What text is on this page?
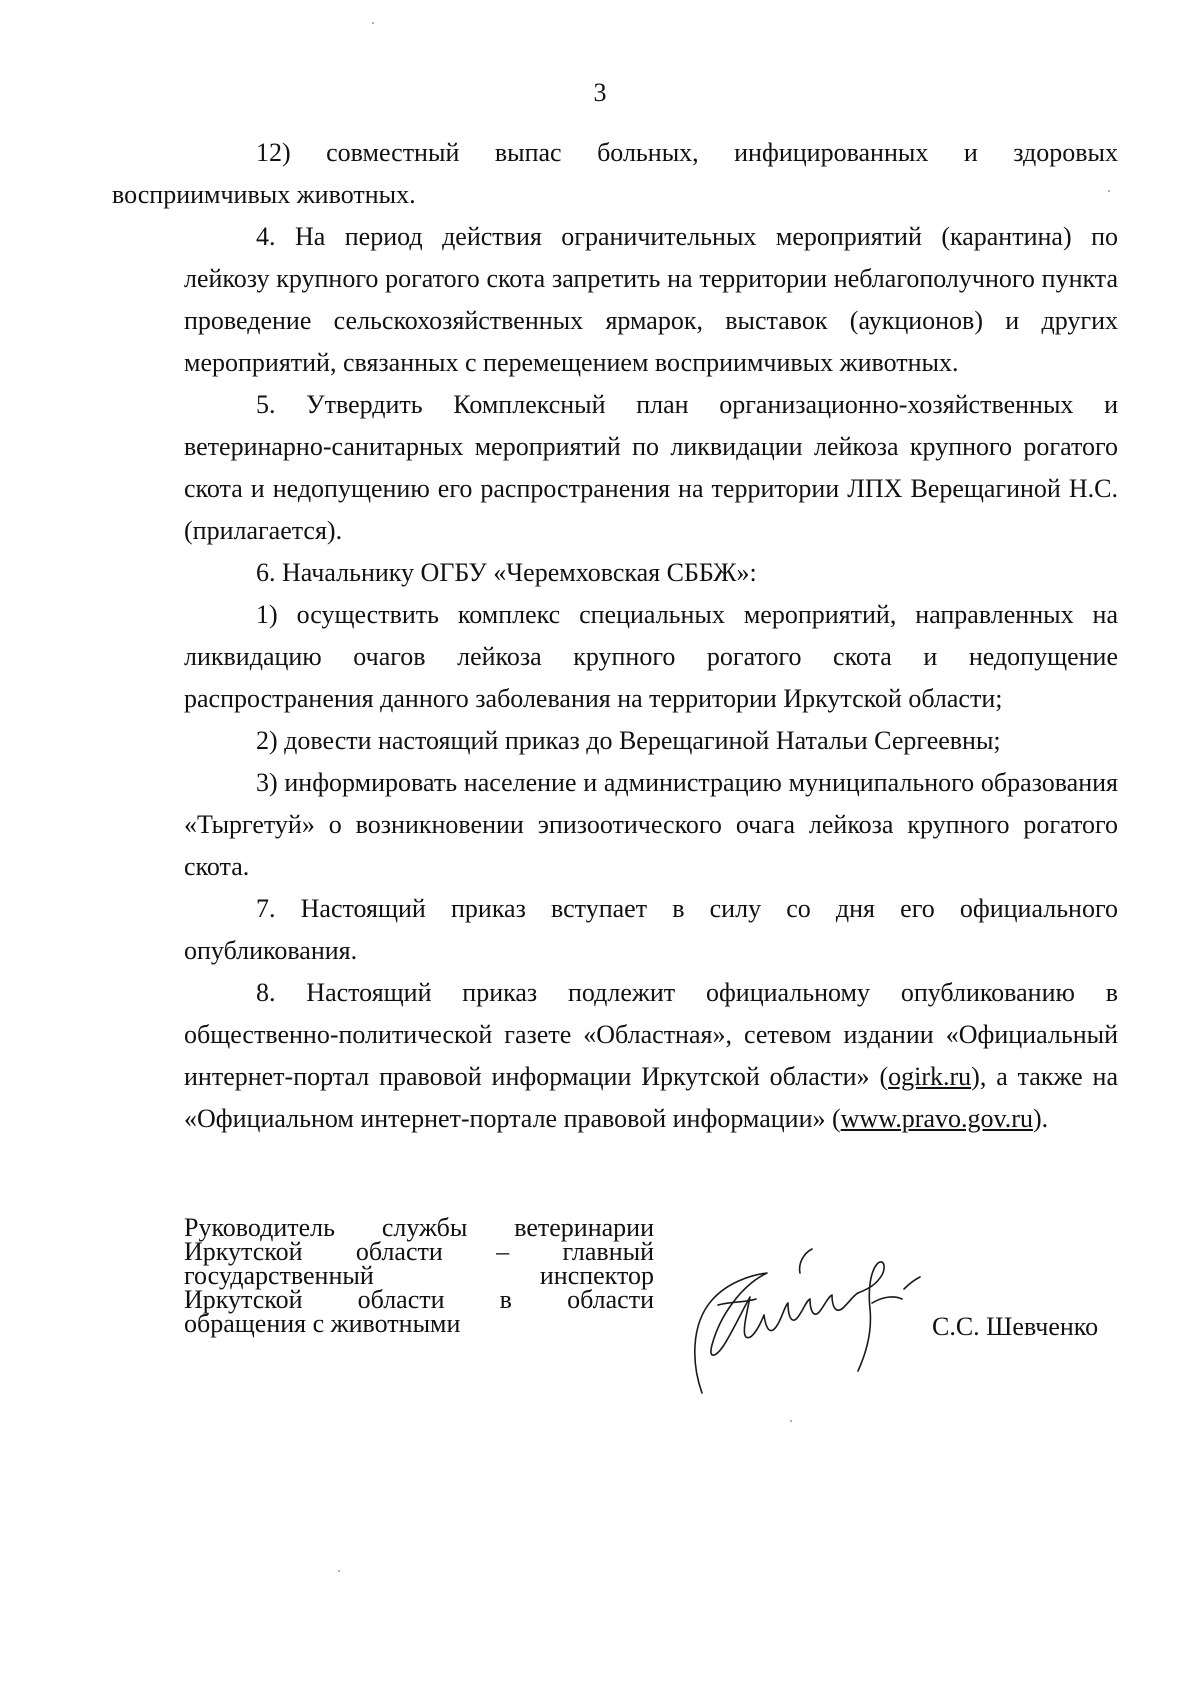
3

12) совместный выпас больных, инфицированных и здоровых
восприимчивых животных.

4. На период действия ограничительных мероприятий (карантина) по лейкозу крупного рогатого скота запретить на территории неблагополучного пункта проведение сельскохозяйственных ярмарок, выставок (аукционов) и других мероприятий, связанных с перемещением восприимчивых животных.

5. Утвердить Комплексный план организационно-хозяйственных и ветеринарно-санитарных мероприятий по ликвидации лейкоза крупного рогатого скота и недопущению его распространения на территории ЛПХ Верещагиной Н.С. (прилагается).

6. Начальнику ОГБУ «Черемховская СББЖ»:

1) осуществить комплекс специальных мероприятий, направленных на ликвидацию очагов лейкоза крупного рогатого скота и недопущение распространения данного заболевания на территории Иркутской области;

2) довести настоящий приказ до Верещагиной Натальи Сергеевны;

3) информировать население и администрацию муниципального образования «Тыргетуй» о возникновении эпизоотического очага лейкоза крупного рогатого скота.

7. Настоящий приказ вступает в силу со дня его официального опубликования.

8. Настоящий приказ подлежит официальному опубликованию в общественно-политической газете «Областная», сетевом издании «Официальный интернет-портал правовой информации Иркутской области» (ogirk.ru), а также на «Официальном интернет-портале правовой информации» (www.pravo.gov.ru).

Руководитель службы ветеринарии
Иркутской области – главный
государственный инспектор
Иркутской области в области
обращения с животными	С.С. Шевченко
